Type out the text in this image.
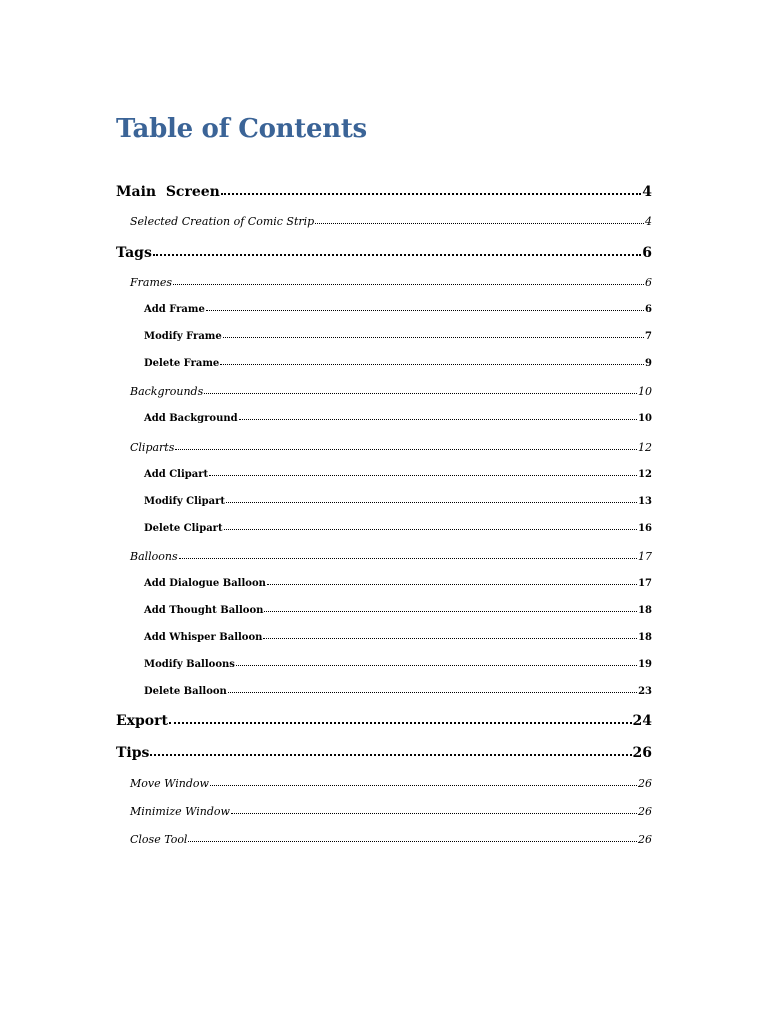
Table of Contents
Main  Screen	4
Selected Creation of Comic Strip	4
Tags	6
Frames	6
Add Frame	6
Modify Frame	7
Delete Frame	9
Backgrounds	10
Add Background	10
Cliparts	12
Add Clipart	12
Modify Clipart	13
Delete Clipart	16
Balloons	17
Add Dialogue Balloon	17
Add Thought Balloon	18
Add Whisper Balloon	18
Modify Balloons	19
Delete Balloon	23
Export	24
Tips	26
Move Window	26
Minimize Window	26
Close Tool	26
